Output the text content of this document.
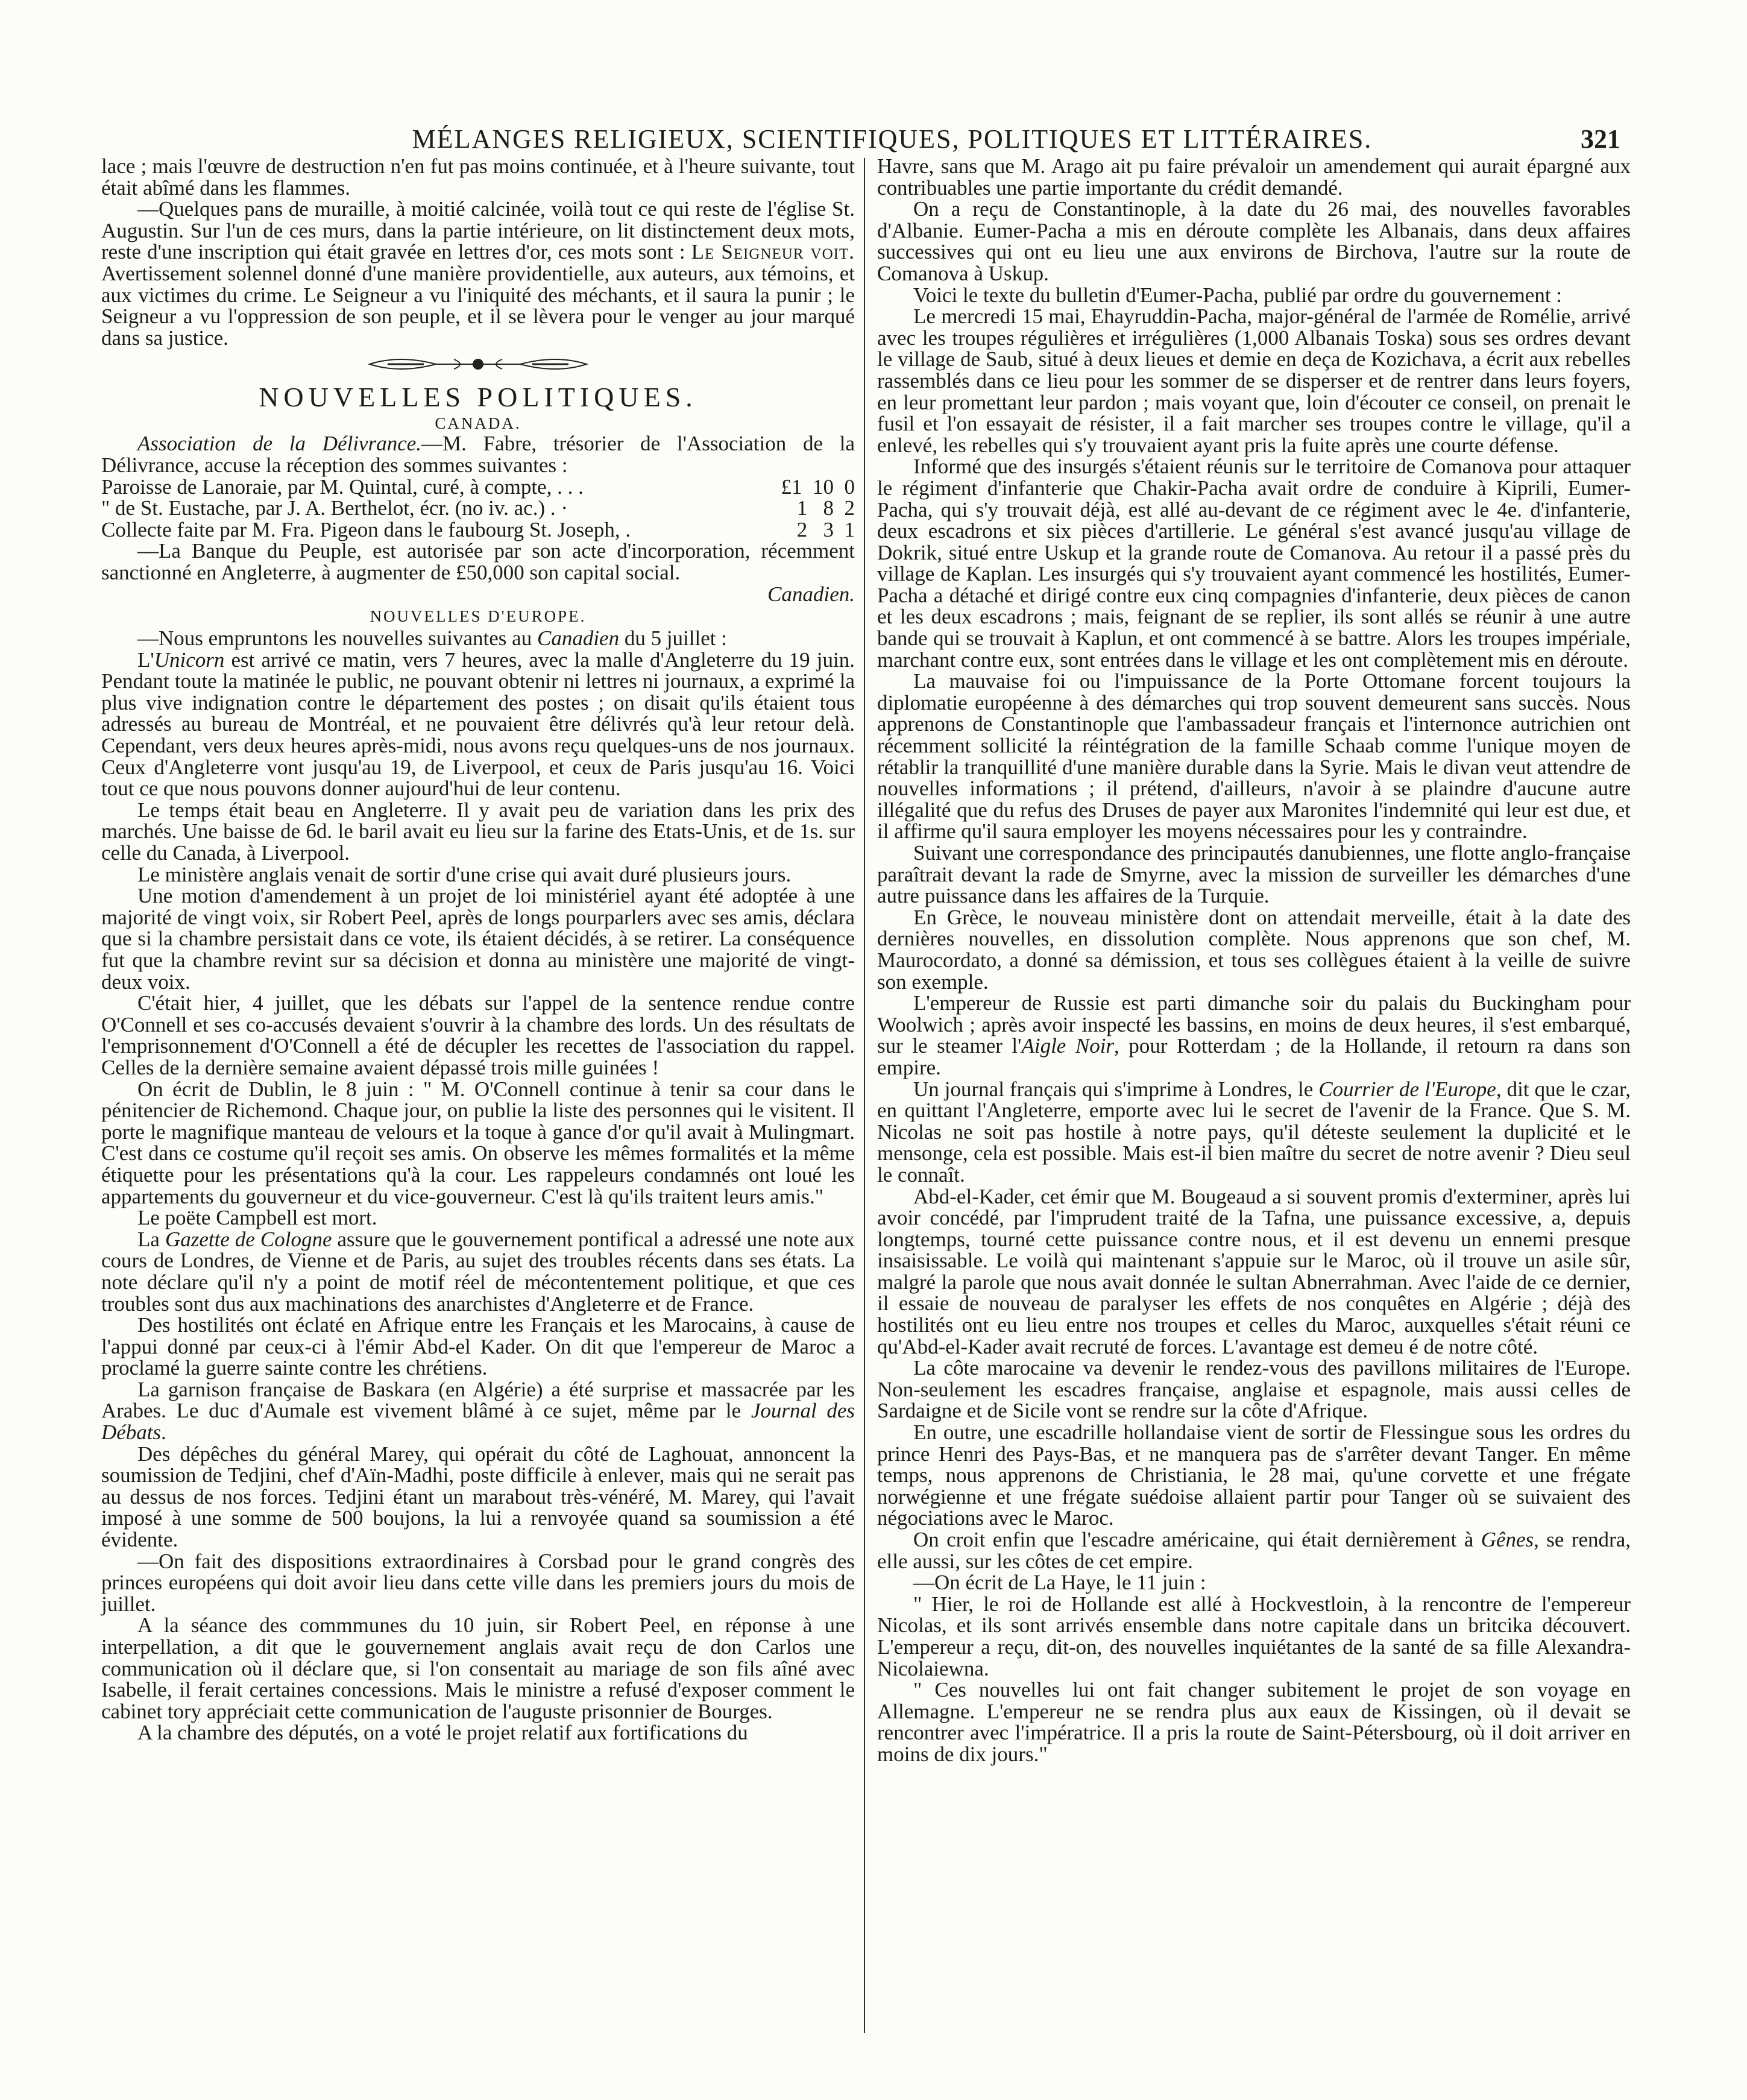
MÉLANGES RELIGIEUX, SCIENTIFIQUES, POLITIQUES ET LITTÉRAIRES.	321

lace ; mais l'œuvre de destruction n'en fut pas moins continuée, et à l'heure suivante, tout était abîmé dans les flammes.

—Quelques pans de muraille, à moitié calcinée, voilà tout ce qui reste de l'église St. Augustin. Sur l'un de ces murs, dans la partie intérieure, on lit distinctement deux mots, reste d'une inscription qui était gravée en lettres d'or, ces mots sont : Le Seigneur voit. Avertissement solennel donné d'une manière providentielle, aux auteurs, aux témoins, et aux victimes du crime. Le Seigneur a vu l'iniquité des méchants, et il saura la punir ; le Seigneur a vu l'oppression de son peuple, et il se lèvera pour le venger au jour marqué dans sa justice.

NOUVELLES POLITIQUES.
CANADA.

Association de la Délivrance.—M. Fabre, trésorier de l'Association de la Délivrance, accuse la réception des sommes suivantes :

Paroisse de Lanoraie, par M. Quintal, curé, à compte, . . .	£1  10  0
" de St. Eustache, par J. A. Berthelot, écr. (no iv. ac.) . ·	1   8  2
Collecte faite par M. Fra. Pigeon dans le faubourg St. Joseph, .	2   3  1

—La Banque du Peuple, est autorisée par son acte d'incorporation, récemment sanctionné en Angleterre, à augmenter de £50,000 son capital social.

Canadien.
NOUVELLES D'EUROPE.

—Nous empruntons les nouvelles suivantes au Canadien du 5 juillet :

L'Unicorn est arrivé ce matin, vers 7 heures, avec la malle d'Angleterre du 19 juin. Pendant toute la matinée le public, ne pouvant obtenir ni lettres ni journaux, a exprimé la plus vive indignation contre le département des postes ; on disait qu'ils étaient tous adressés au bureau de Montréal, et ne pouvaient être délivrés qu'à leur retour delà. Cependant, vers deux heures après-midi, nous avons reçu quelques-uns de nos journaux. Ceux d'Angleterre vont jusqu'au 19, de Liverpool, et ceux de Paris jusqu'au 16. Voici tout ce que nous pouvons donner aujourd'hui de leur contenu.

Le temps était beau en Angleterre. Il y avait peu de variation dans les prix des marchés. Une baisse de 6d. le baril avait eu lieu sur la farine des Etats-Unis, et de 1s. sur celle du Canada, à Liverpool.

Le ministère anglais venait de sortir d'une crise qui avait duré plusieurs jours.

Une motion d'amendement à un projet de loi ministériel ayant été adoptée à une majorité de vingt voix, sir Robert Peel, après de longs pourparlers avec ses amis, déclara que si la chambre persistait dans ce vote, ils étaient décidés, à se retirer. La conséquence fut que la chambre revint sur sa décision et donna au ministère une majorité de vingt-deux voix.

C'était hier, 4 juillet, que les débats sur l'appel de la sentence rendue contre O'Connell et ses co-accusés devaient s'ouvrir à la chambre des lords. Un des résultats de l'emprisonnement d'O'Connell a été de décupler les recettes de l'association du rappel. Celles de la dernière semaine avaient dépassé trois mille guinées !

On écrit de Dublin, le 8 juin : " M. O'Connell continue à tenir sa cour dans le pénitencier de Richemond. Chaque jour, on publie la liste des personnes qui le visitent. Il porte le magnifique manteau de velours et la toque à gance d'or qu'il avait à Mulingmart. C'est dans ce costume qu'il reçoit ses amis. On observe les mêmes formalités et la même étiquette pour les présentations qu'à la cour. Les rappeleurs condamnés ont loué les appartements du gouverneur et du vice-gouverneur. C'est là qu'ils traitent leurs amis."

Le poëte Campbell est mort.

La Gazette de Cologne assure que le gouvernement pontifical a adressé une note aux cours de Londres, de Vienne et de Paris, au sujet des troubles récents dans ses états. La note déclare qu'il n'y a point de motif réel de mécontentement politique, et que ces troubles sont dus aux machinations des anarchistes d'Angleterre et de France.

Des hostilités ont éclaté en Afrique entre les Français et les Marocains, à cause de l'appui donné par ceux-ci à l'émir Abd-el Kader. On dit que l'empereur de Maroc a proclamé la guerre sainte contre les chrétiens.

La garnison française de Baskara (en Algérie) a été surprise et massacrée par les Arabes. Le duc d'Aumale est vivement blâmé à ce sujet, même par le Journal des Débats.

Des dépêches du général Marey, qui opérait du côté de Laghouat, annoncent la soumission de Tedjini, chef d'Aïn-Madhi, poste difficile à enlever, mais qui ne serait pas au dessus de nos forces. Tedjini étant un marabout très-vénéré, M. Marey, qui l'avait imposé à une somme de 500 boujons, la lui a renvoyée quand sa soumission a été évidente.

—On fait des dispositions extraordinaires à Corsbad pour le grand congrès des princes européens qui doit avoir lieu dans cette ville dans les premiers jours du mois de juillet.

A la séance des commmunes du 10 juin, sir Robert Peel, en réponse à une interpellation, a dit que le gouvernement anglais avait reçu de don Carlos une communication où il déclare que, si l'on consentait au mariage de son fils aîné avec Isabelle, il ferait certaines concessions. Mais le ministre a refusé d'exposer comment le cabinet tory appréciait cette communication de l'auguste prisonnier de Bourges.

A la chambre des députés, on a voté le projet relatif aux fortifications du

Havre, sans que M. Arago ait pu faire prévaloir un amendement qui aurait épargné aux contribuables une partie importante du crédit demandé.

On a reçu de Constantinople, à la date du 26 mai, des nouvelles favorables d'Albanie. Eumer-Pacha a mis en déroute complète les Albanais, dans deux affaires successives qui ont eu lieu une aux environs de Birchova, l'autre sur la route de Comanova à Uskup.

Voici le texte du bulletin d'Eumer-Pacha, publié par ordre du gouvernement :

Le mercredi 15 mai, Ehayruddin-Pacha, major-général de l'armée de Romélie, arrivé avec les troupes régulières et irrégulières (1,000 Albanais Toska) sous ses ordres devant le village de Saub, situé à deux lieues et demie en deça de Kozichava, a écrit aux rebelles rassemblés dans ce lieu pour les sommer de se disperser et de rentrer dans leurs foyers, en leur promettant leur pardon ; mais voyant que, loin d'écouter ce conseil, on prenait le fusil et l'on essayait de résister, il a fait marcher ses troupes contre le village, qu'il a enlevé, les rebelles qui s'y trouvaient ayant pris la fuite après une courte défense.

Informé que des insurgés s'étaient réunis sur le territoire de Comanova pour attaquer le régiment d'infanterie que Chakir-Pacha avait ordre de conduire à Kiprili, Eumer-Pacha, qui s'y trouvait déjà, est allé au-devant de ce régiment avec le 4e. d'infanterie, deux escadrons et six pièces d'artillerie. Le général s'est avancé jusqu'au village de Dokrik, situé entre Uskup et la grande route de Comanova. Au retour il a passé près du village de Kaplan. Les insurgés qui s'y trouvaient ayant commencé les hostilités, Eumer-Pacha a détaché et dirigé contre eux cinq compagnies d'infanterie, deux pièces de canon et les deux escadrons ; mais, feignant de se replier, ils sont allés se réunir à une autre bande qui se trouvait à Kaplun, et ont commencé à se battre. Alors les troupes impériale, marchant contre eux, sont entrées dans le village et les ont complètement mis en déroute.

La mauvaise foi ou l'impuissance de la Porte Ottomane forcent toujours la diplomatie européenne à des démarches qui trop souvent demeurent sans succès. Nous apprenons de Constantinople que l'ambassadeur français et l'internonce autrichien ont récemment sollicité la réintégration de la famille Schaab comme l'unique moyen de rétablir la tranquillité d'une manière durable dans la Syrie. Mais le divan veut attendre de nouvelles informations ; il prétend, d'ailleurs, n'avoir à se plaindre d'aucune autre illégalité que du refus des Druses de payer aux Maronites l'indemnité qui leur est due, et il affirme qu'il saura employer les moyens nécessaires pour les y contraindre.

Suivant une correspondance des principautés danubiennes, une flotte anglo-française paraîtrait devant la rade de Smyrne, avec la mission de surveiller les démarches d'une autre puissance dans les affaires de la Turquie.

En Grèce, le nouveau ministère dont on attendait merveille, était à la date des dernières nouvelles, en dissolution complète. Nous apprenons que son chef, M. Maurocordato, a donné sa démission, et tous ses collègues étaient à la veille de suivre son exemple.

L'empereur de Russie est parti dimanche soir du palais du Buckingham pour Woolwich ; après avoir inspecté les bassins, en moins de deux heures, il s'est embarqué, sur le steamer l'Aigle Noir, pour Rotterdam ; de la Hollande, il retourn ra dans son empire.

Un journal français qui s'imprime à Londres, le Courrier de l'Europe, dit que le czar, en quittant l'Angleterre, emporte avec lui le secret de l'avenir de la France. Que S. M. Nicolas ne soit pas hostile à notre pays, qu'il déteste seulement la duplicité et le mensonge, cela est possible. Mais est-il bien maître du secret de notre avenir ? Dieu seul le connaît.

Abd-el-Kader, cet émir que M. Bougeaud a si souvent promis d'exterminer, après lui avoir concédé, par l'imprudent traité de la Tafna, une puissance excessive, a, depuis longtemps, tourné cette puissance contre nous, et il est devenu un ennemi presque insaisissable. Le voilà qui maintenant s'appuie sur le Maroc, où il trouve un asile sûr, malgré la parole que nous avait donnée le sultan Abnerrahman. Avec l'aide de ce dernier, il essaie de nouveau de paralyser les effets de nos conquêtes en Algérie ; déjà des hostilités ont eu lieu entre nos troupes et celles du Maroc, auxquelles s'était réuni ce qu'Abd-el-Kader avait recruté de forces. L'avantage est demeu é de notre côté.

La côte marocaine va devenir le rendez-vous des pavillons militaires de l'Europe. Non-seulement les escadres française, anglaise et espagnole, mais aussi celles de Sardaigne et de Sicile vont se rendre sur la côte d'Afrique.

En outre, une escadrille hollandaise vient de sortir de Flessingue sous les ordres du prince Henri des Pays-Bas, et ne manquera pas de s'arrêter devant Tanger. En même temps, nous apprenons de Christiania, le 28 mai, qu'une corvette et une frégate norwégienne et une frégate suédoise allaient partir pour Tanger où se suivaient des négociations avec le Maroc.

On croit enfin que l'escadre américaine, qui était dernièrement à Gênes, se rendra, elle aussi, sur les côtes de cet empire.

—On écrit de La Haye, le 11 juin :

" Hier, le roi de Hollande est allé à Hockvestloin, à la rencontre de l'empereur Nicolas, et ils sont arrivés ensemble dans notre capitale dans un britcika découvert. L'empereur a reçu, dit-on, des nouvelles inquiétantes de la santé de sa fille Alexandra-Nicolaiewna.

" Ces nouvelles lui ont fait changer subitement le projet de son voyage en Allemagne. L'empereur ne se rendra plus aux eaux de Kissingen, où il devait se rencontrer avec l'impératrice. Il a pris la route de Saint-Pétersbourg, où il doit arriver en moins de dix jours."
